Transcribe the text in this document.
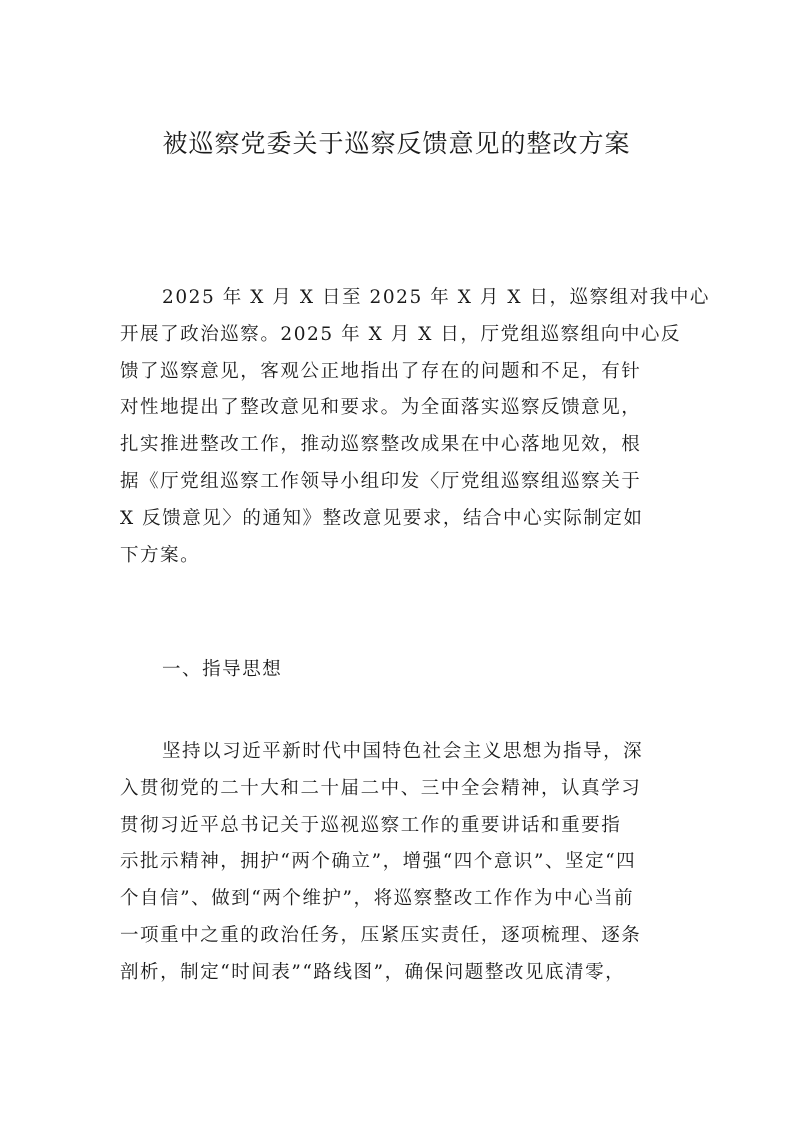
被巡察党委关于巡察反馈意见的整改方案

2025 年 X 月 X 日至 2025 年 X 月 X 日，巡察组对我中心
开展了政治巡察。2025 年 X 月 X 日，厅党组巡察组向中心反
馈了巡察意见，客观公正地指出了存在的问题和不足，有针
对性地提出了整改意见和要求。为全面落实巡察反馈意见，
扎实推进整改工作，推动巡察整改成果在中心落地见效，根
据《厅党组巡察工作领导小组印发〈厅党组巡察组巡察关于
X 反馈意见〉的通知》整改意见要求，结合中心实际制定如
下方案。

一、指导思想

坚持以习近平新时代中国特色社会主义思想为指导，深
入贯彻党的二十大和二十届二中、三中全会精神，认真学习
贯彻习近平总书记关于巡视巡察工作的重要讲话和重要指
示批示精神，拥护“两个确立”，增强“四个意识”、坚定“四
个自信”、做到“两个维护”，将巡察整改工作作为中心当前
一项重中之重的政治任务，压紧压实责任，逐项梳理、逐条
剖析，制定“时间表”“路线图”，确保问题整改见底清零，
